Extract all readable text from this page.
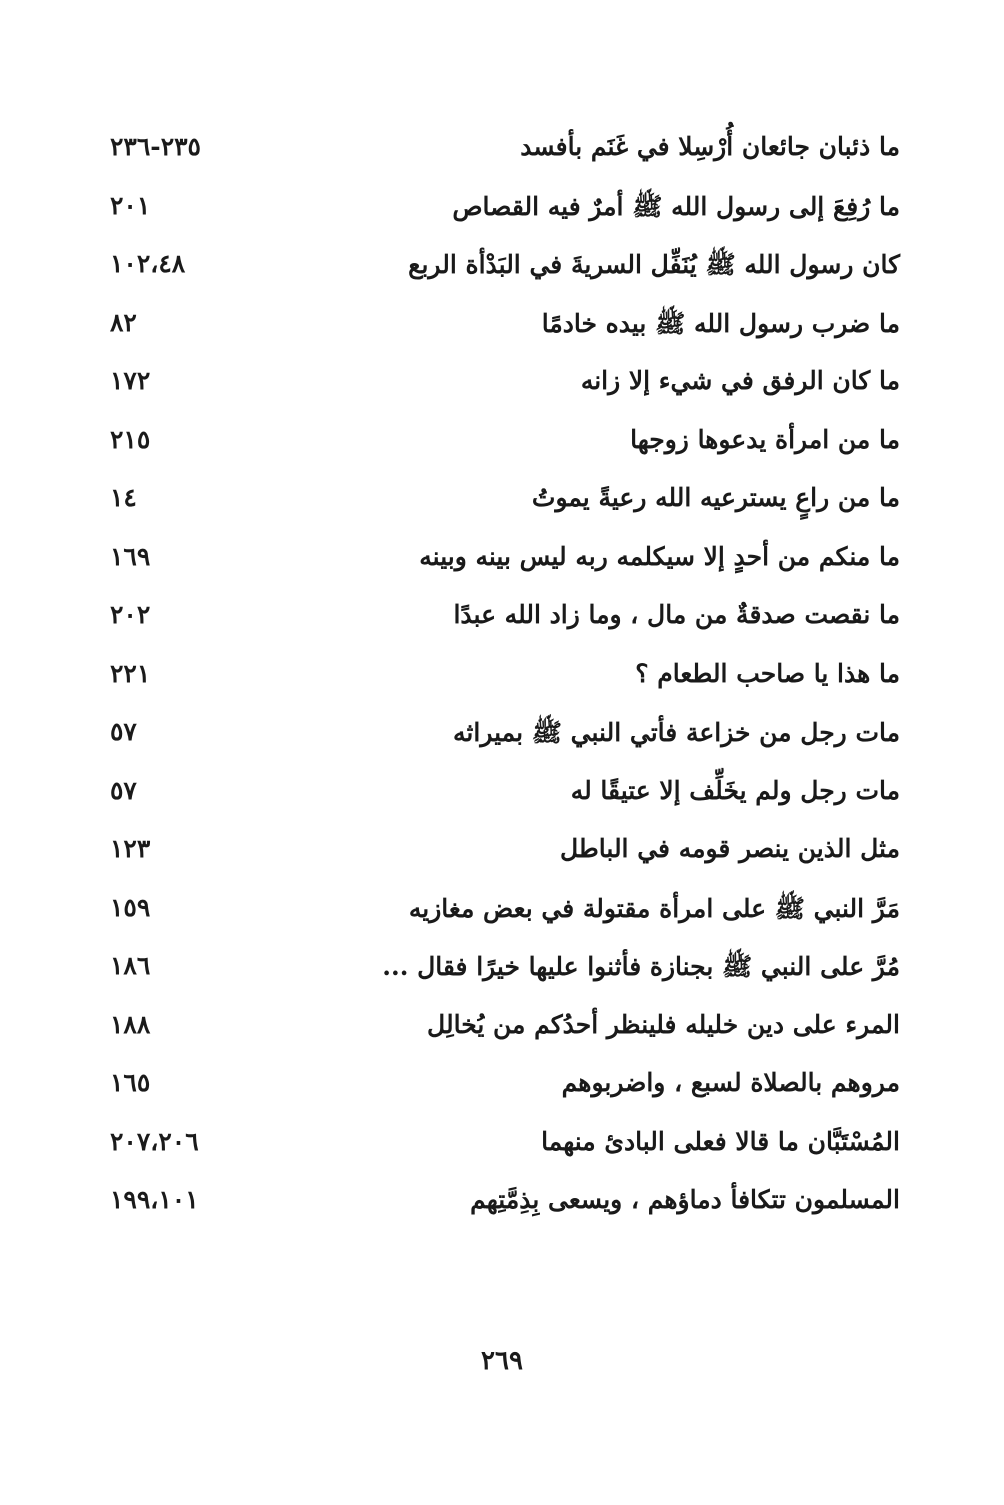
ما ذئبان جائعان أُرْسِلا في غَنَم بأفسد
٢٣٥-٢٣٦
ما رُفِعَ إلى رسول الله ﷺ أمرٌ فيه القصاص
٢٠١
كان رسول الله ﷺ يُنَفِّل السريةَ في البَدْأة الربع
١٠٢،٤٨
ما ضرب رسول الله ﷺ بيده خادمًا
٨٢
ما كان الرفق في شيء إلا زانه
١٧٢
ما من امرأة يدعوها زوجها
٢١٥
ما من راعٍ يسترعيه الله رعيةً يموتُ
١٤
ما منكم من أحدٍ إلا سيكلمه ربه ليس بينه وبينه
١٦٩
ما نقصت صدقةٌ من مال ، وما زاد الله عبدًا
٢٠٢
ما هذا يا صاحب الطعام ؟
٢٢١
مات رجل من خزاعة فأتي النبي ﷺ بميراثه
٥٧
مات رجل ولم يخَلِّف إلا عتيقًا له
٥٧
مثل الذين ينصر قومه في الباطل
١٢٣
مَرَّ النبي ﷺ على امرأة مقتولة في بعض مغازيه
١٥٩
مُرَّ على النبي ﷺ بجنازة فأثنوا عليها خيرًا فقال ...
١٨٦
المرء على دين خليله فلينظر أحدُكم من يُخالِل
١٨٨
مروهم بالصلاة لسبع ، واضربوهم
١٦٥
المُسْتَبَّان ما قالا فعلى البادئ منهما
٢٠٧،٢٠٦
المسلمون تتكافأ دماؤهم ، ويسعى بِذِمَّتِهم
١٩٩،١٠١
٢٦٩
